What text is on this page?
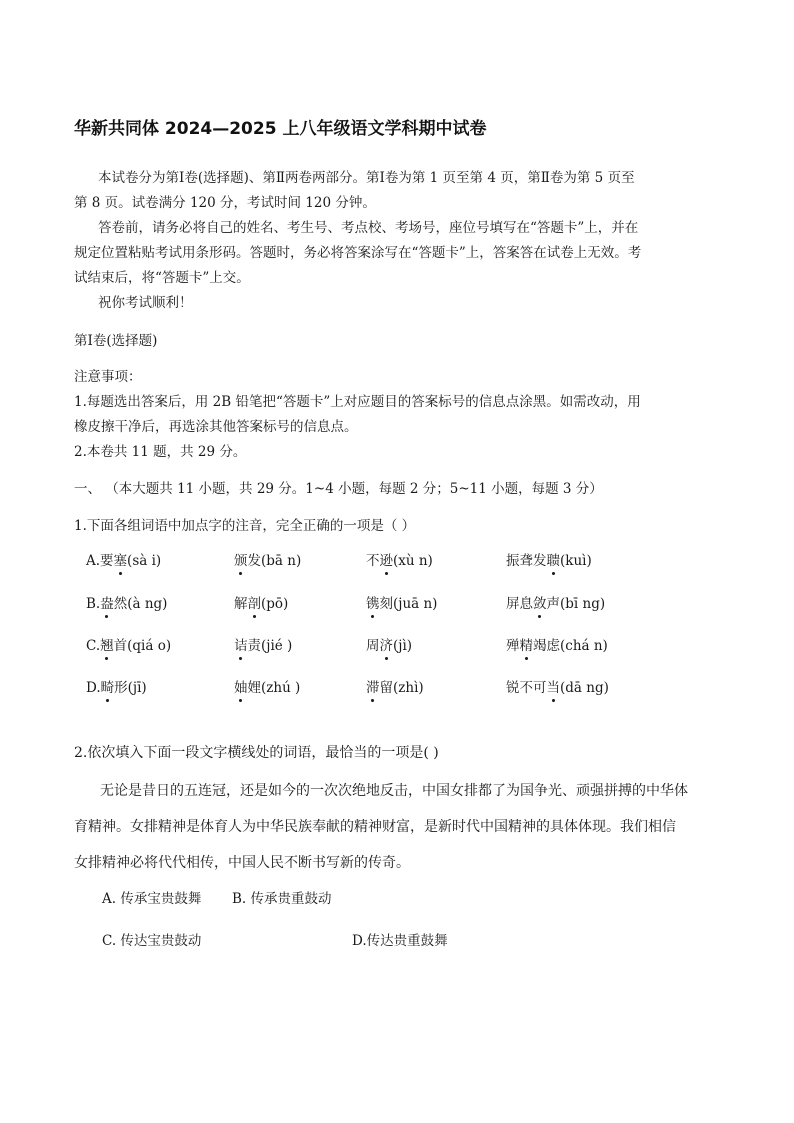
华新共同体 2024—2025 上八年级语文学科期中试卷
本试卷分为第Ⅰ卷(选择题)、第Ⅱ两卷两部分。第Ⅰ卷为第 1 页至第 4 页，第Ⅱ卷为第 5 页至
第 8 页。试卷满分 120 分，考试时间 120 分钟。
答卷前，请务必将自己的姓名、考生号、考点校、考场号，座位号填写在“答题卡”上，并在
规定位置粘贴考试用条形码。答题时，务必将答案涂写在“答题卡”上，答案答在试卷上无效。考
试结束后，将“答题卡”上交。
祝你考试顺利！
第Ⅰ卷(选择题)
注意事项：
1.每题选出答案后，用 2B 铅笔把“答题卡”上对应题目的答案标号的信息点涂黑。如需改动，用
橡皮擦干净后，再选涂其他答案标号的信息点。
2.本卷共 11 题，共 29 分。
一、 （本大题共 11 小题，共 29 分。1~4 小题，每题 2 分；5~11 小题，每题 3 分）
1.下面各组词语中加点字的注音，完全正确的一项是（ ）
A.要塞(sà i)	颁发(bā n)	不逊(xù n)	振聋发聩(kuì)
B.盎然(à ng)	解剖(pō)	镌刻(juā n)	屏息敛声(bī ng)
C.翘首(qiá o)	诘责(jié )	周济(jì)	殚精竭虑(chá n)
D.畸形(jī)	妯娌(zhú )	滞留(zhì)	锐不可当(dā ng)
2.依次填入下面一段文字横线处的词语，最恰当的一项是( )
无论是昔日的五连冠，还是如今的一次次绝地反击，中国女排都了为国争光、顽强拼搏的中华体
育精神。女排精神是体育人为中华民族奉献的精神财富，是新时代中国精神的具体体现。我们相信
女排精神必将代代相传，中国人民不断书写新的传奇。
A. 传承宝贵鼓舞 B. 传承贵重鼓动
C. 传达宝贵鼓动	D.传达贵重鼓舞
